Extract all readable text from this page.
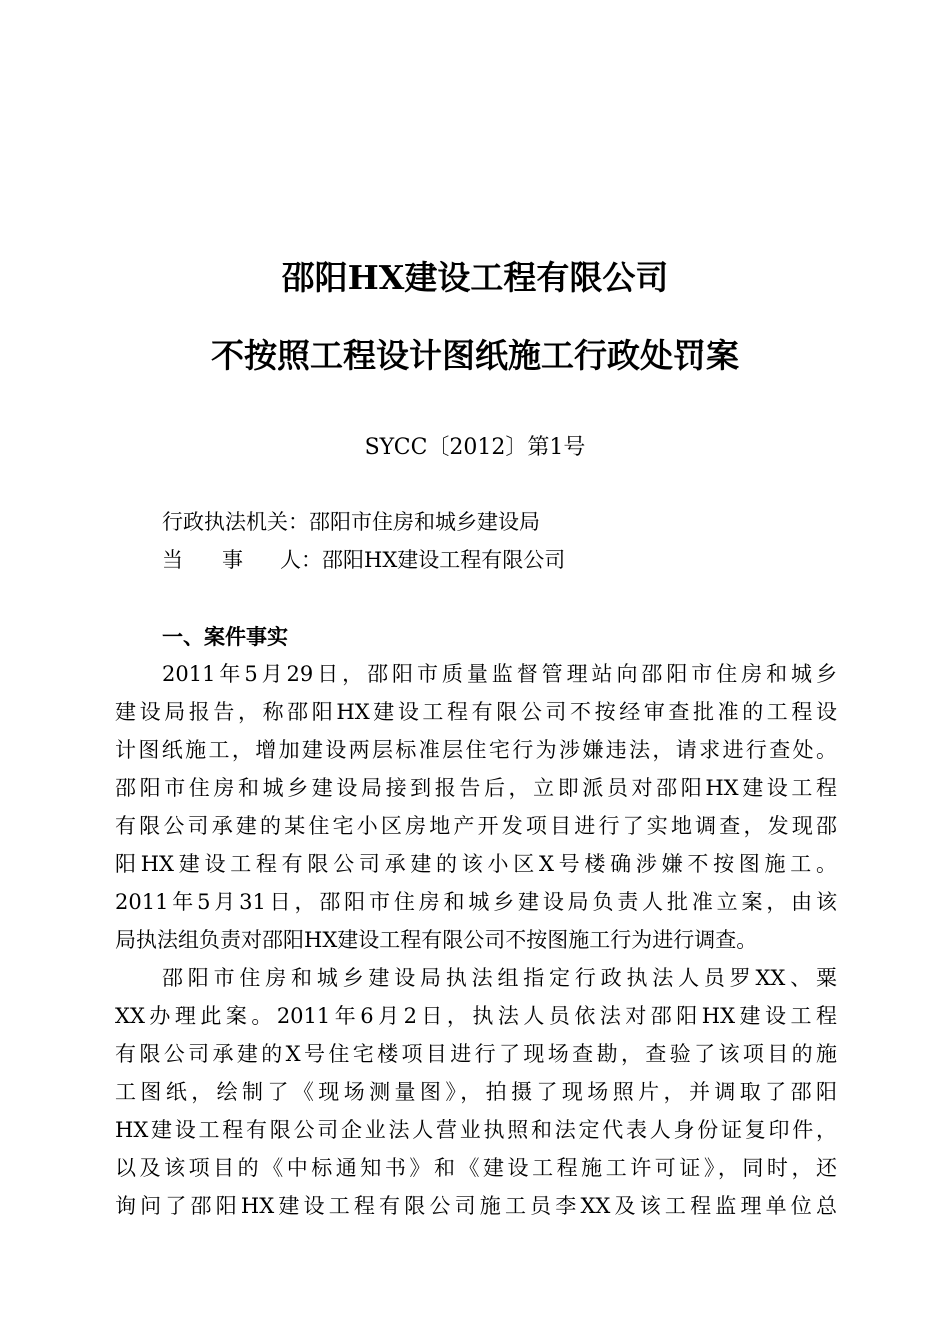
邵阳HX建设工程有限公司
不按照工程设计图纸施工行政处罚案
SYCC〔2012〕第1号
行政执法机关：邵阳市住房和城乡建设局
当 事 人：邵阳HX建设工程有限公司
一、案件事实
2011年5月29日，邵阳市质量监督管理站向邵阳市住房和城乡
建设局报告，称邵阳HX建设工程有限公司不按经审查批准的工程设
计图纸施工，增加建设两层标准层住宅行为涉嫌违法，请求进行查处。
邵阳市住房和城乡建设局接到报告后，立即派员对邵阳HX建设工程
有限公司承建的某住宅小区房地产开发项目进行了实地调查，发现邵
阳HX建设工程有限公司承建的该小区X号楼确涉嫌不按图施工。
2011年5月31日，邵阳市住房和城乡建设局负责人批准立案，由该
局执法组负责对邵阳HX建设工程有限公司不按图施工行为进行调查。
邵阳市住房和城乡建设局执法组指定行政执法人员罗XX、粟
XX办理此案。2011年6月2日，执法人员依法对邵阳HX建设工程
有限公司承建的X号住宅楼项目进行了现场查勘，查验了该项目的施
工图纸，绘制了《现场测量图》，拍摄了现场照片，并调取了邵阳
HX建设工程有限公司企业法人营业执照和法定代表人身份证复印件，
以及该项目的《中标通知书》和《建设工程施工许可证》，同时，还
询问了邵阳HX建设工程有限公司施工员李XX及该工程监理单位总
